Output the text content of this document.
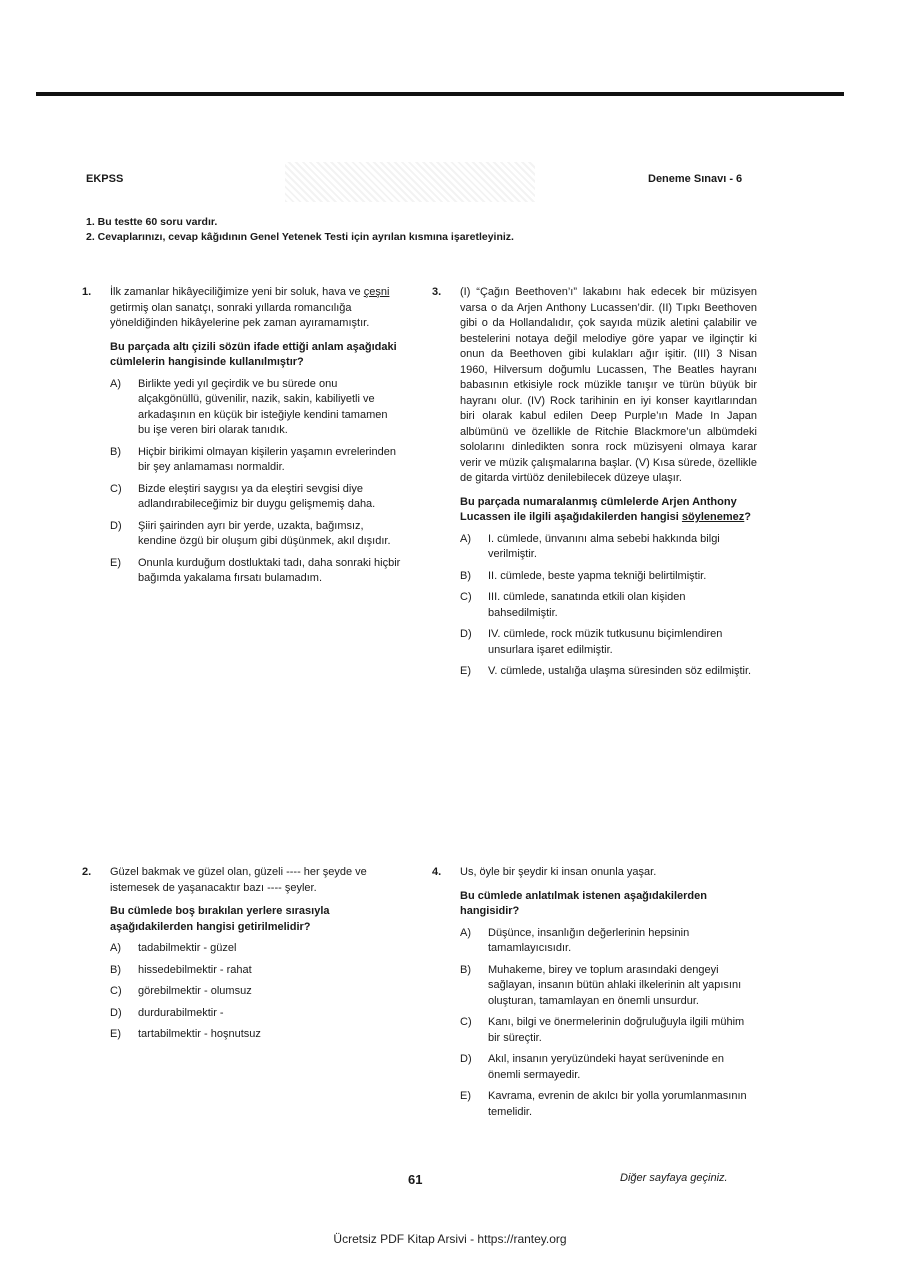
EKPSS	Deneme Sınavı - 6
1. Bu testte 60 soru vardır.
2. Cevaplarınızı, cevap kâğıdının Genel Yetenek Testi için ayrılan kısmına işaretleyiniz.
1. İlk zamanlar hikâyeciliğimize yeni bir soluk, hava ve çeşni getirmiş olan sanatçı, sonraki yıllarda romancılığa yöneldiğinden hikâyelerine pek zaman ayıramamıştır.
Bu parçada altı çizili sözün ifade ettiği anlam aşağıdaki cümlelerin hangisinde kullanılmıştır?
A)	Birlikte yedi yıl geçirdik ve bu sürede onu alçakgönüllü, güvenilir, nazik, sakin, kabiliyetli ve arkadaşının en küçük bir isteğiyle kendini tamamen bu işe veren biri olarak tanıdık.
B)	Hiçbir birikimi olmayan kişilerin yaşamın evrelerinden bir şey anlamaması normaldir.
C)	Bizde eleştiri saygısı ya da eleştiri sevgisi diye adlandırabileceğimiz bir duygu gelişmemiş daha.
D)	Şiiri şairinden ayrı bir yerde, uzakta, bağımsız, kendine özgü bir oluşum gibi düşünmek, akıl dışıdır.
E)	Onunla kurduğum dostluktaki tadı, daha sonraki hiçbir bağımda yakalama fırsatı bulamadım.
2. Güzel bakmak ve güzel olan, güzeli ---- her şeyde ve istemesek de yaşanacaktır bazı ---- şeyler.
Bu cümlede boş bırakılan yerlere sırasıyla aşağıdakilerden hangisi getirilmelidir?
A)	tadabilmektir - güzel
B)	hissedebilmektir - rahat
C)	görebilmektir - olumsuz
D)	durdurabilmektir -
E)	tartabilmektir - hoşnutsuz
3. (I) “Çağın Beethoven’ı” lakabını hak edecek bir müzisyen varsa o da Arjen Anthony Lucassen’dir. (II) Tıpkı Beethoven gibi o da Hollandalıdır, çok sayıda müzik aletini çalabilir ve bestelerini notaya değil melodiye göre yapar ve ilginçtir ki onun da Beethoven gibi kulakları ağır işitir. (III) 3 Nisan 1960, Hilversum doğumlu Lucassen, The Beatles hayranı babasının etkisiyle rock müzikle tanışır ve türün büyük bir hayranı olur. (IV) Rock tarihinin en iyi konser kayıtlarından biri olarak kabul edilen Deep Purple’ın Made In Japan albümünü ve özellikle de Ritchie Blackmore’un albümdeki sololarını dinledikten sonra rock müzisyeni olmaya karar verir ve müzik çalışmalarına başlar. (V) Kısa sürede, özellikle de gitarda virtüöz denilebilecek düzeye ulaşır.
Bu parçada numaralanmış cümlelerde Arjen Anthony Lucassen ile ilgili aşağıdakilerden hangisi söylenemez?
A)	I. cümlede, ünvanını alma sebebi hakkında bilgi verilmiştir.
B)	II. cümlede, beste yapma tekniği belirtilmiştir.
C)	III. cümlede, sanatında etkili olan kişiden bahsedilmiştir.
D)	IV. cümlede, rock müzik tutkusunu biçimlendiren unsurlara işaret edilmiştir.
E)	V. cümlede, ustalığa ulaşma süresinden söz edilmiştir.
4. Us, öyle bir şeydir ki insan onunla yaşar.
Bu cümlede anlatılmak istenen aşağıdakilerden hangisidir?
A)	Düşünce, insanlığın değerlerinin hepsinin tamamlayıcısıdır.
B)	Muhakeme, birey ve toplum arasındaki dengeyi sağlayan, insanın bütün ahlaki ilkelerinin alt yapısını oluşturan, tamamlayan en önemli unsurdur.
C)	Kanı, bilgi ve önermelerinin doğruluğuyla ilgili mühim bir süreçtir.
D)	Akıl, insanın yeryüzündeki hayat serüveninde en önemli sermayedir.
E)	Kavrama, evrenin de akılcı bir yolla yorumlanmasının temelidir.
61	Diğer sayfaya geçiniz.
Ücretsiz PDF Kitap Arsivi - https://rantey.org
